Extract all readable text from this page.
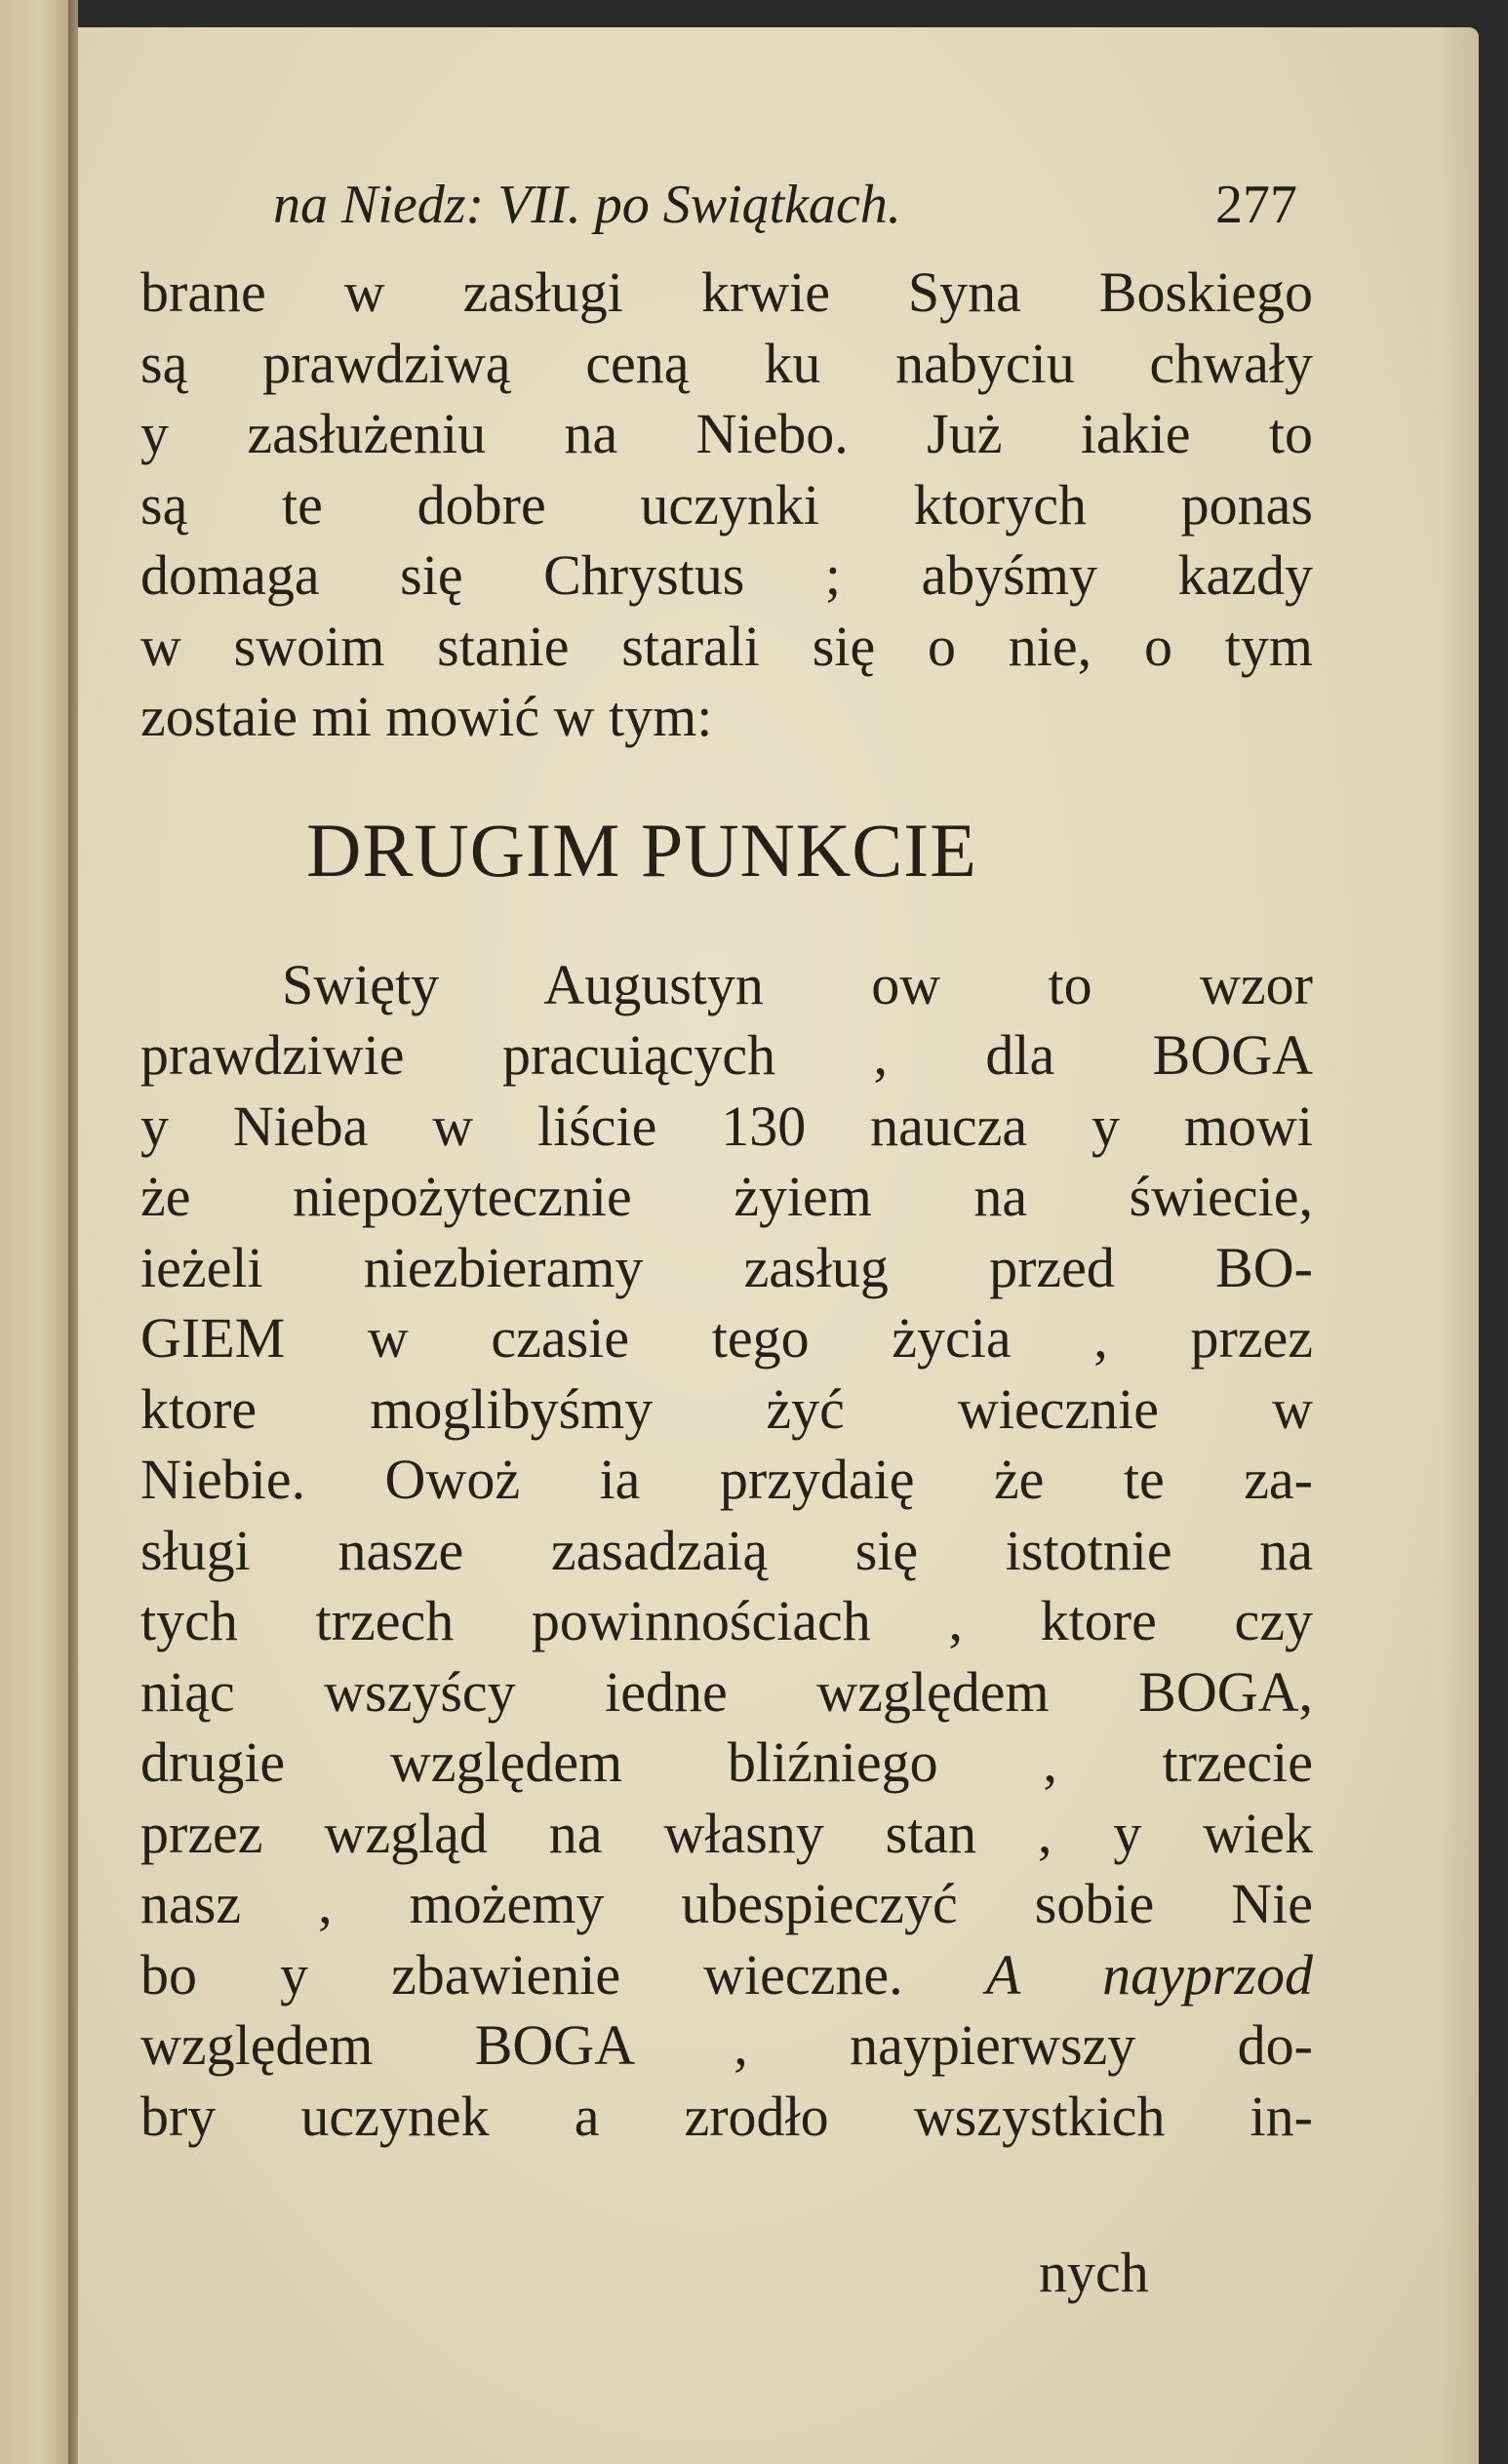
na Niedz: VII. po Swiątkach.	277
brane w zasługi krwie Syna Boskiego
są prawdziwą ceną ku nabyciu chwały
y zasłużeniu na Niebo. Już iakie to
są te dobre uczynki ktorych ponas
domaga się Chrystus ; abyśmy kazdy
w swoim stanie starali się o nie, o tym
zostaie mi mowić w tym:
DRUGIM PUNKCIE
Swięty Augustyn ow to wzor
prawdziwie pracuiących , dla BOGA
y Nieba w liście 130 naucza y mowi
że niepożytecznie żyiem na świecie,
ieżeli niezbieramy zasług przed BO-
GIEM w czasie tego życia , przez
ktore moglibyśmy żyć wiecznie w
Niebie. Owoż ia przydaię że te za-
sługi nasze zasadzaią się istotnie na
tych trzech powinnościach , ktore czy
niąc wszyścy iedne względem BOGA,
drugie względem bliźniego , trzecie
przez wzgląd na własny stan , y wiek
nasz , możemy ubespieczyć sobie Nie
bo y zbawienie wieczne. A nayprzod
względem BOGA , naypierwszy do-
bry uczynek a zrodło wszystkich in-
nych
